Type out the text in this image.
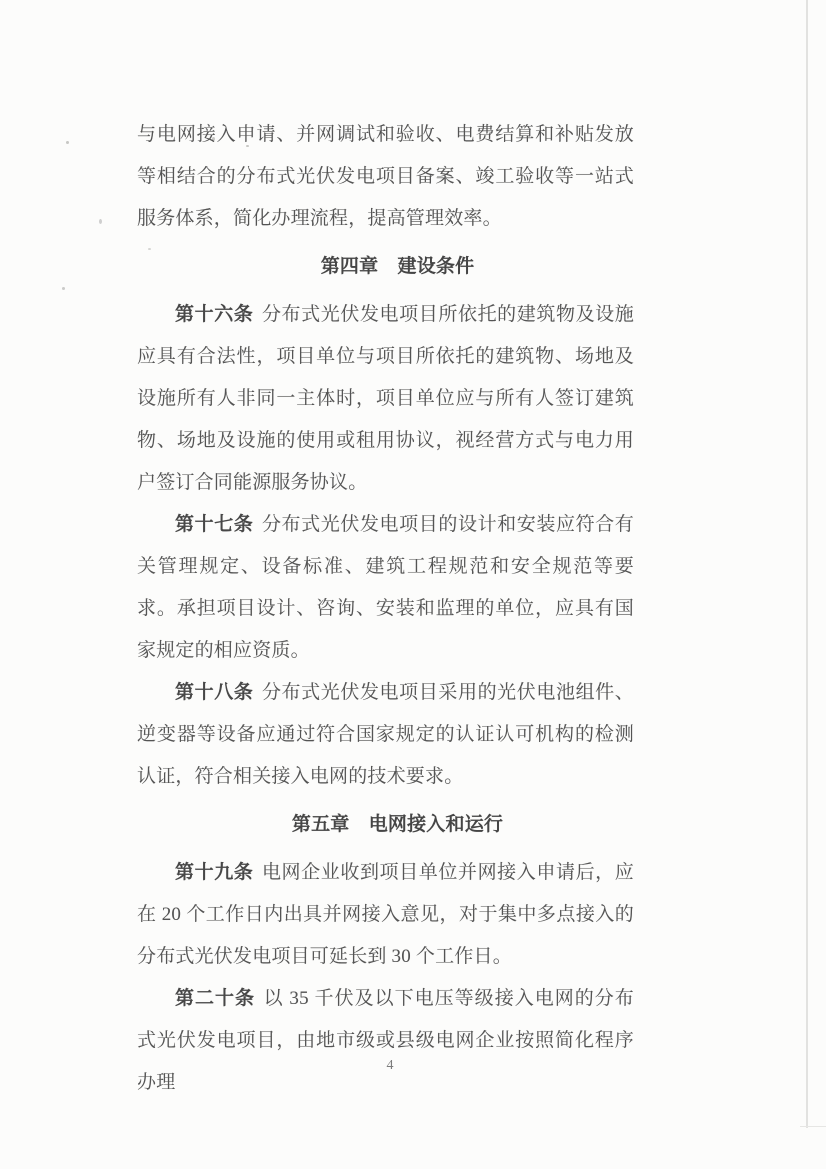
与电网接入申请、并网调试和验收、电费结算和补贴发放等相结合的分布式光伏发电项目备案、竣工验收等一站式服务体系，简化办理流程，提高管理效率。

第四章　建设条件

第十六条 分布式光伏发电项目所依托的建筑物及设施应具有合法性，项目单位与项目所依托的建筑物、场地及设施所有人非同一主体时，项目单位应与所有人签订建筑物、场地及设施的使用或租用协议，视经营方式与电力用户签订合同能源服务协议。

第十七条 分布式光伏发电项目的设计和安装应符合有关管理规定、设备标准、建筑工程规范和安全规范等要求。承担项目设计、咨询、安装和监理的单位，应具有国家规定的相应资质。

第十八条 分布式光伏发电项目采用的光伏电池组件、逆变器等设备应通过符合国家规定的认证认可机构的检测认证，符合相关接入电网的技术要求。

第五章　电网接入和运行

第十九条 电网企业收到项目单位并网接入申请后，应在 20 个工作日内出具并网接入意见，对于集中多点接入的分布式光伏发电项目可延长到 30 个工作日。

第二十条 以 35 千伏及以下电压等级接入电网的分布式光伏发电项目，由地市级或县级电网企业按照简化程序办理

4
